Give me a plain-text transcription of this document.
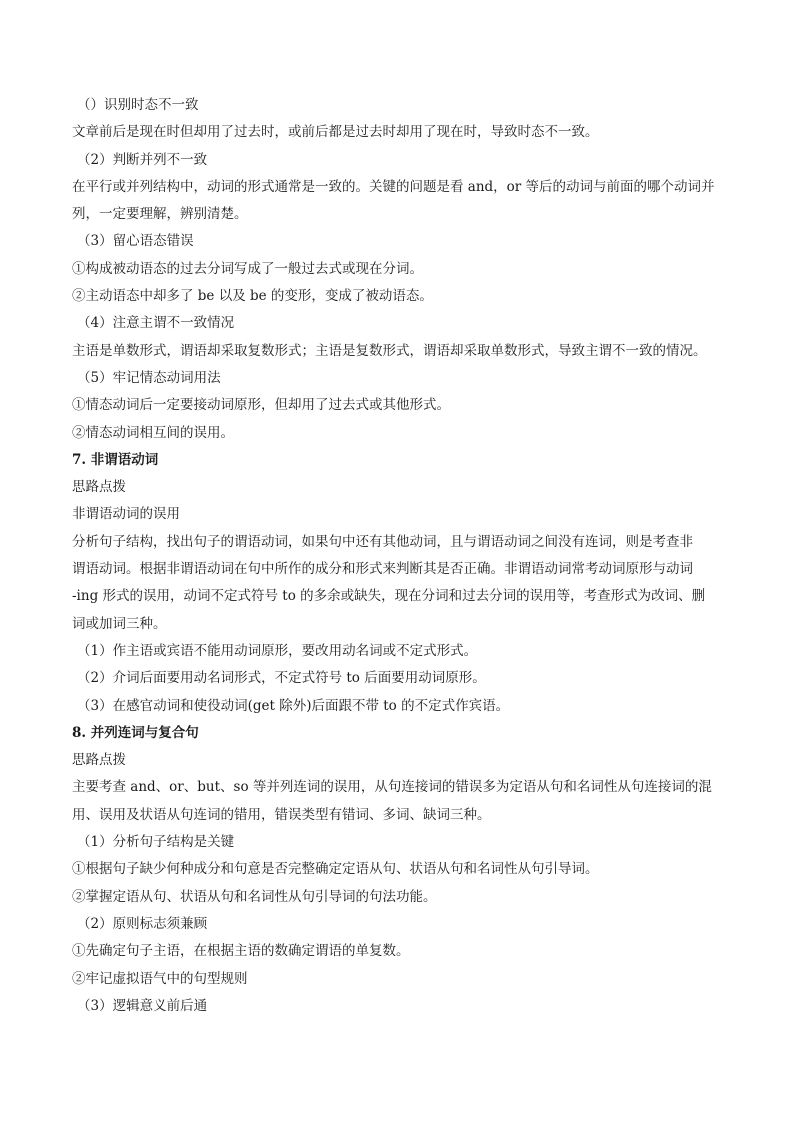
（）识别时态不一致
文章前后是现在时但却用了过去时，或前后都是过去时却用了现在时，导致时态不一致。
（2）判断并列不一致
在平行或并列结构中，动词的形式通常是一致的。关键的问题是看 and，or 等后的动词与前面的哪个动词并
列，一定要理解，辨别清楚。
（3）留心语态错误
①构成被动语态的过去分词写成了一般过去式或现在分词。
②主动语态中却多了 be 以及 be 的变形，变成了被动语态。
（4）注意主谓不一致情况
主语是单数形式，谓语却采取复数形式；主语是复数形式，谓语却采取单数形式，导致主谓不一致的情况。
（5）牢记情态动词用法
①情态动词后一定要接动词原形，但却用了过去式或其他形式。
②情态动词相互间的误用。
7. 非谓语动词
思路点拨
非谓语动词的误用
分析句子结构，找出句子的谓语动词，如果句中还有其他动词，且与谓语动词之间没有连词，则是考查非
谓语动词。根据非谓语动词在句中所作的成分和形式来判断其是否正确。非谓语动词常考动词原形与动词
-ing 形式的误用，动词不定式符号 to 的多余或缺失，现在分词和过去分词的误用等，考查形式为改词、删
词或加词三种。
（1）作主语或宾语不能用动词原形，要改用动名词或不定式形式。
（2）介词后面要用动名词形式，不定式符号 to 后面要用动词原形。
（3）在感官动词和使役动词(get 除外)后面跟不带 to 的不定式作宾语。
8. 并列连词与复合句
思路点拨
主要考查 and、or、but、so 等并列连词的误用，从句连接词的错误多为定语从句和名词性从句连接词的混
用、误用及状语从句连词的错用，错误类型有错词、多词、缺词三种。
（1）分析句子结构是关键
①根据句子缺少何种成分和句意是否完整确定定语从句、状语从句和名词性从句引导词。
②掌握定语从句、状语从句和名词性从句引导词的句法功能。
（2）原则标志须兼顾
①先确定句子主语，在根据主语的数确定谓语的单复数。
②牢记虚拟语气中的句型规则
（3）逻辑意义前后通
